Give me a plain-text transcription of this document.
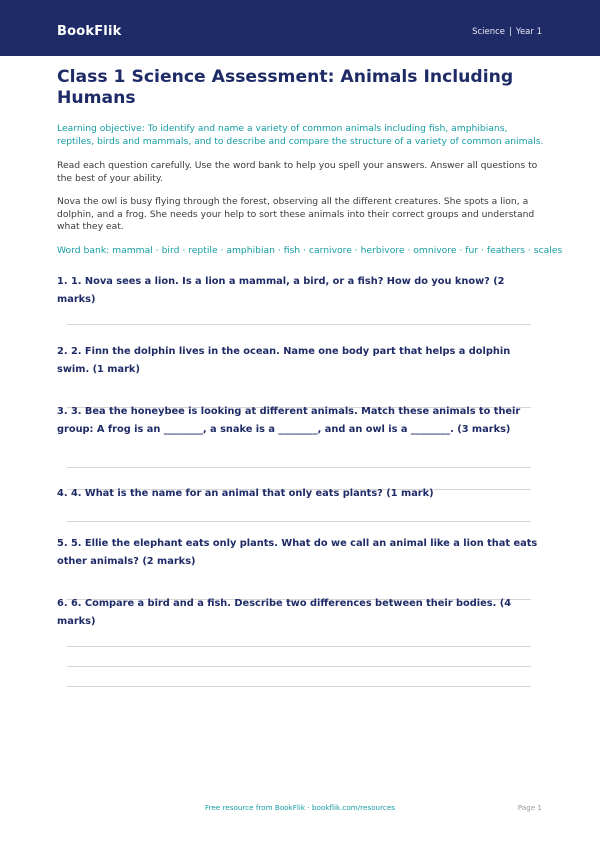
BookFlik	Science | Year 1
Class 1 Science Assessment: Animals Including Humans

Learning objective: To identify and name a variety of common animals including fish, amphibians, reptiles, birds and mammals, and to describe and compare the structure of a variety of common animals.

Read each question carefully. Use the word bank to help you spell your answers. Answer all questions to the best of your ability.

Nova the owl is busy flying through the forest, observing all the different creatures. She spots a lion, a dolphin, and a frog. She needs your help to sort these animals into their correct groups and understand what they eat.

Word bank: mammal · bird · reptile · amphibian · fish · carnivore · herbivore · omnivore · fur · feathers · scales

1. 1. Nova sees a lion. Is a lion a mammal, a bird, or a fish? How do you know? (2 marks)

2. 2. Finn the dolphin lives in the ocean. Name one body part that helps a dolphin swim. (1 mark)

3. 3. Bea the honeybee is looking at different animals. Match these animals to their group: A frog is an ________, a snake is a ________, and an owl is a ________. (3 marks)

4. 4. What is the name for an animal that only eats plants? (1 mark)

5. 5. Ellie the elephant eats only plants. What do we call an animal like a lion that eats other animals? (2 marks)

6. 6. Compare a bird and a fish. Describe two differences between their bodies. (4 marks)

Free resource from BookFlik · bookflik.com/resources	Page 1
